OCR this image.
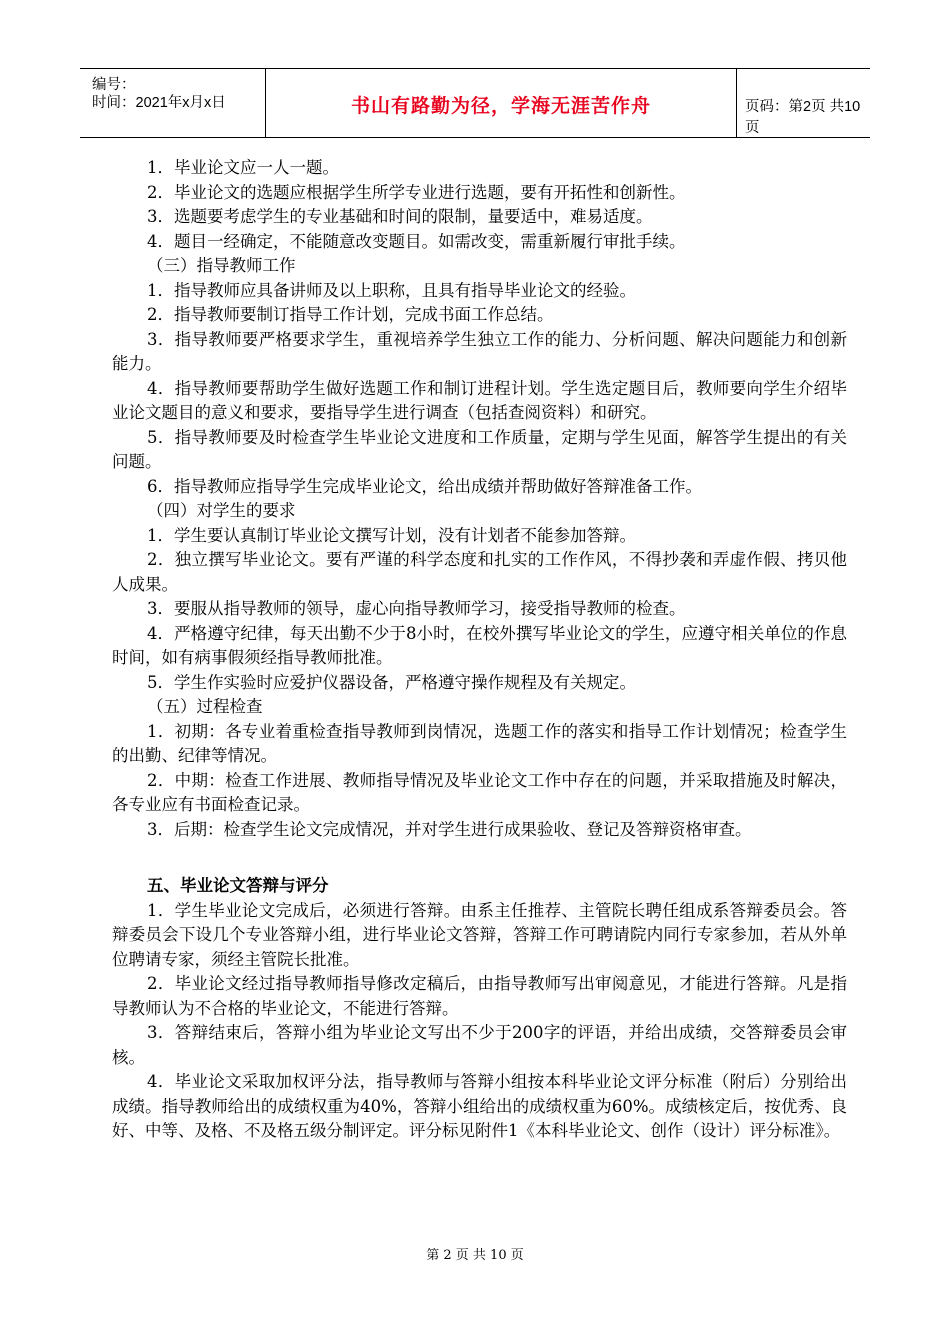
编号：
时间：2021年x月x日	书山有路勤为径，学海无涯苦作舟	页码：第2页 共10页

1．毕业论文应一人一题。

2．毕业论文的选题应根据学生所学专业进行选题，要有开拓性和创新性。

3．选题要考虑学生的专业基础和时间的限制，量要适中，难易适度。

4．题目一经确定，不能随意改变题目。如需改变，需重新履行审批手续。

（三）指导教师工作

1．指导教师应具备讲师及以上职称，且具有指导毕业论文的经验。

2．指导教师要制订指导工作计划，完成书面工作总结。

3．指导教师要严格要求学生，重视培养学生独立工作的能力、分析问题、解决问题能力和创新能力。

4．指导教师要帮助学生做好选题工作和制订进程计划。学生选定题目后，教师要向学生介绍毕业论文题目的意义和要求，要指导学生进行调查（包括查阅资料）和研究。

5．指导教师要及时检查学生毕业论文进度和工作质量，定期与学生见面，解答学生提出的有关问题。

6．指导教师应指导学生完成毕业论文，给出成绩并帮助做好答辩准备工作。

（四）对学生的要求

1．学生要认真制订毕业论文撰写计划，没有计划者不能参加答辩。

2．独立撰写毕业论文。要有严谨的科学态度和扎实的工作作风，不得抄袭和弄虚作假、拷贝他人成果。

3．要服从指导教师的领导，虚心向指导教师学习，接受指导教师的检查。

4．严格遵守纪律，每天出勤不少于8小时，在校外撰写毕业论文的学生，应遵守相关单位的作息时间，如有病事假须经指导教师批准。

5．学生作实验时应爱护仪器设备，严格遵守操作规程及有关规定。

（五）过程检查

1．初期：各专业着重检查指导教师到岗情况，选题工作的落实和指导工作计划情况；检查学生的出勤、纪律等情况。

2．中期：检查工作进展、教师指导情况及毕业论文工作中存在的问题，并采取措施及时解决，各专业应有书面检查记录。

3．后期：检查学生论文完成情况，并对学生进行成果验收、登记及答辩资格审查。

五、毕业论文答辩与评分

1．学生毕业论文完成后，必须进行答辩。由系主任推荐、主管院长聘任组成系答辩委员会。答辩委员会下设几个专业答辩小组，进行毕业论文答辩，答辩工作可聘请院内同行专家参加，若从外单位聘请专家，须经主管院长批准。

2．毕业论文经过指导教师指导修改定稿后，由指导教师写出审阅意见，才能进行答辩。凡是指导教师认为不合格的毕业论文，不能进行答辩。

3．答辩结束后，答辩小组为毕业论文写出不少于200字的评语，并给出成绩，交答辩委员会审核。

4．毕业论文采取加权评分法，指导教师与答辩小组按本科毕业论文评分标准（附后）分别给出成绩。指导教师给出的成绩权重为40%，答辩小组给出的成绩权重为60%。成绩核定后，按优秀、良好、中等、及格、不及格五级分制评定。评分标见附件1《本科毕业论文、创作（设计）评分标准》。

第 2 页 共 10 页
